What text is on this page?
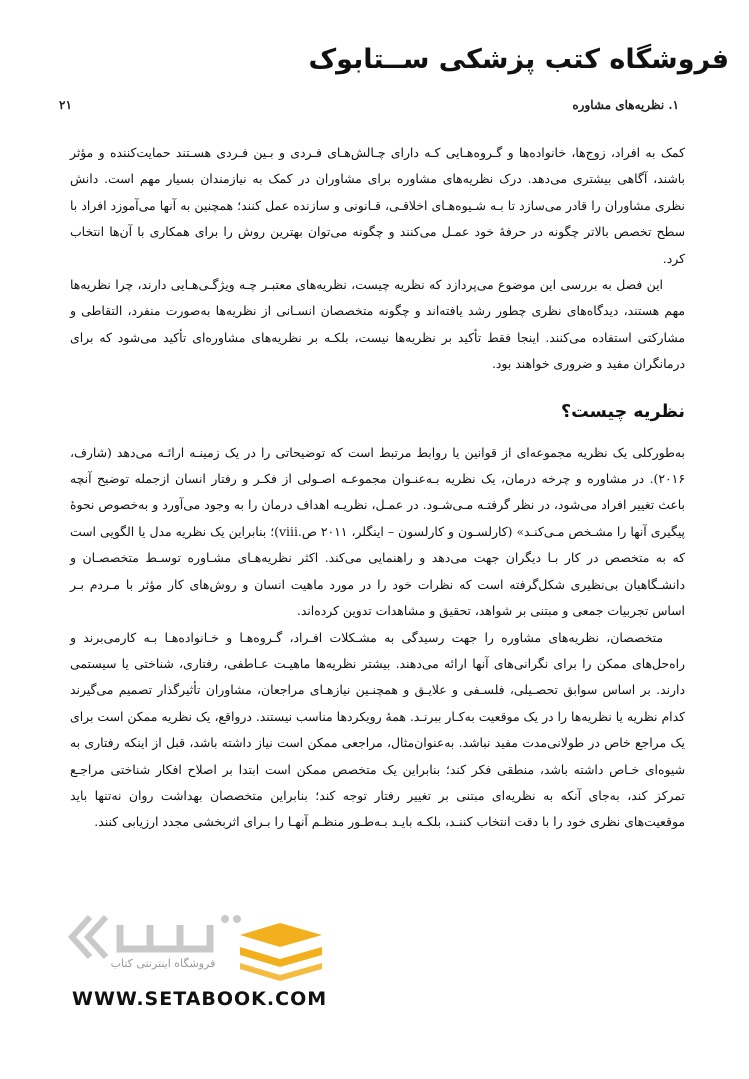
فروشگاه کتب پزشکی ســتابوک
۱. نظریه‌های مشاوره
۲۱

کمک به افراد، زوج‌ها، خانواده‌ها و گـروه‌هـایی کـه دارای چـالش‌هـای فـردی و بـین فـردی هسـتند حمایت‌کننده و مؤثر باشند، آگاهی بیشتری می‌دهد. درک نظریه‌های مشاوره برای مشاوران در کمک به نیازمندان بسیار مهم است. دانش نظری مشاوران را قادر می‌سازد تا بـه شـیوه‌هـای اخلاقـی، قـانونی و سازنده عمل کنند؛ همچنین به آنها می‌آموزد افراد با سطح تخصص بالاتر چگونه در حرفهٔ خود عمـل می‌کنند و چگونه می‌توان بهترین روش را برای همکاری با آن‌ها انتخاب کرد.

این فصل به بررسی این موضوع می‌پردازد که نظریه چیست، نظریه‌های معتبـر چـه ویژگـی‌هـایی دارند، چرا نظریه‌ها مهم هستند، دیدگاه‌های نظری چطور رشد یافته‌اند و چگونه متخصصان انسـانی از نظریه‌ها به‌صورت منفرد، التقاطی و مشارکتی استفاده می‌کنند. اینجا فقط تأکید بر نظریه‌ها نیست، بلکـه بر نظریه‌های مشاوره‌ای تأکید می‌شود که برای درمانگران مفید و ضروری خواهند بود.

نظریه چیست؟

به‌طورکلی یک نظریه مجموعه‌ای از قوانین یا روابط مرتبط است که توضیحاتی را در یک زمینـه ارائـه می‌دهد (شارف، ۲۰۱۶). در مشاوره و چرخه درمان، یک نظریه بـه‌عنـوان مجموعـه اصـولی از فکـر و رفتار انسان ازجمله توضیح آنچه باعث تغییر افراد می‌شود، در نظر گرفتـه مـی‌شـود. در عمـل، نظریـه اهداف درمان را به وجود می‌آورد و به‌خصوص نحوهٔ پیگیری آنها را مشـخص مـی‌کنـد» (کارلسـون و کارلسون – اینگلر، ۲۰۱۱ ص.viii)؛ بنابراین یک نظریه مدل یا الگویی است که به متخصص در کار بـا دیگران جهت می‌دهد و راهنمایی می‌کند. اکثر نظریه‌هـای مشـاوره توسـط متخصصـان و دانشـگاهیان بی‌نظیری شکل‌گرفته است که نظرات خود را در مورد ماهیت انسان و روش‌های کار مؤثر با مـردم بـر اساس تجربیات جمعی و مبتنی بر شواهد، تحقیق و مشاهدات تدوین کرده‌اند.

متخصصان، نظریه‌های مشاوره را جهت رسیدگی به مشـکلات افـراد، گـروه‌هـا و خـانواده‌هـا بـه کارمی‌برند و راه‌حل‌های ممکن را برای نگرانی‌های آنها ارائه می‌دهند. بیشتر نظریه‌ها ماهیـت عـاطفی، رفتاری، شناختی یا سیستمی دارند. بر اساس سوابق تحصـیلی، فلسـفی و علایـق و همچنـین نیازهـای مراجعان، مشاوران تأثیرگذار تصمیم می‌گیرند کدام نظریه یا نظریه‌ها را در یک موقعیت به‌کـار ببرنـد. همهٔ رویکردها مناسب نیستند. درواقع، یک نظریه ممکن است برای یک مراجع خاص در طولانی‌مدت مفید نباشد. به‌عنوان‌مثال، مراجعی ممکن است نیاز داشته باشد، قبل از اینکه رفتاری به شیوه‌ای خـاص داشته باشد، منطقی فکر کند؛ بنابراین یک متخصص ممکن است ابتدا بر اصلاح افکار شناختی مراجـع تمرکز کند، به‌جای آنکه به نظریه‌ای مبتنی بر تغییر رفتار توجه کند؛ بنابراین متخصصان بهداشت روان نه‌تنها باید موقعیت‌های نظری خود را با دقت انتخاب کننـد، بلکـه بایـد بـه‌طـور منظـم آنهـا را بـرای اثربخشی مجدد ارزیابی کنند.

فروشگاه اینترنتی کتاب
WWW.SETABOOK.COM
